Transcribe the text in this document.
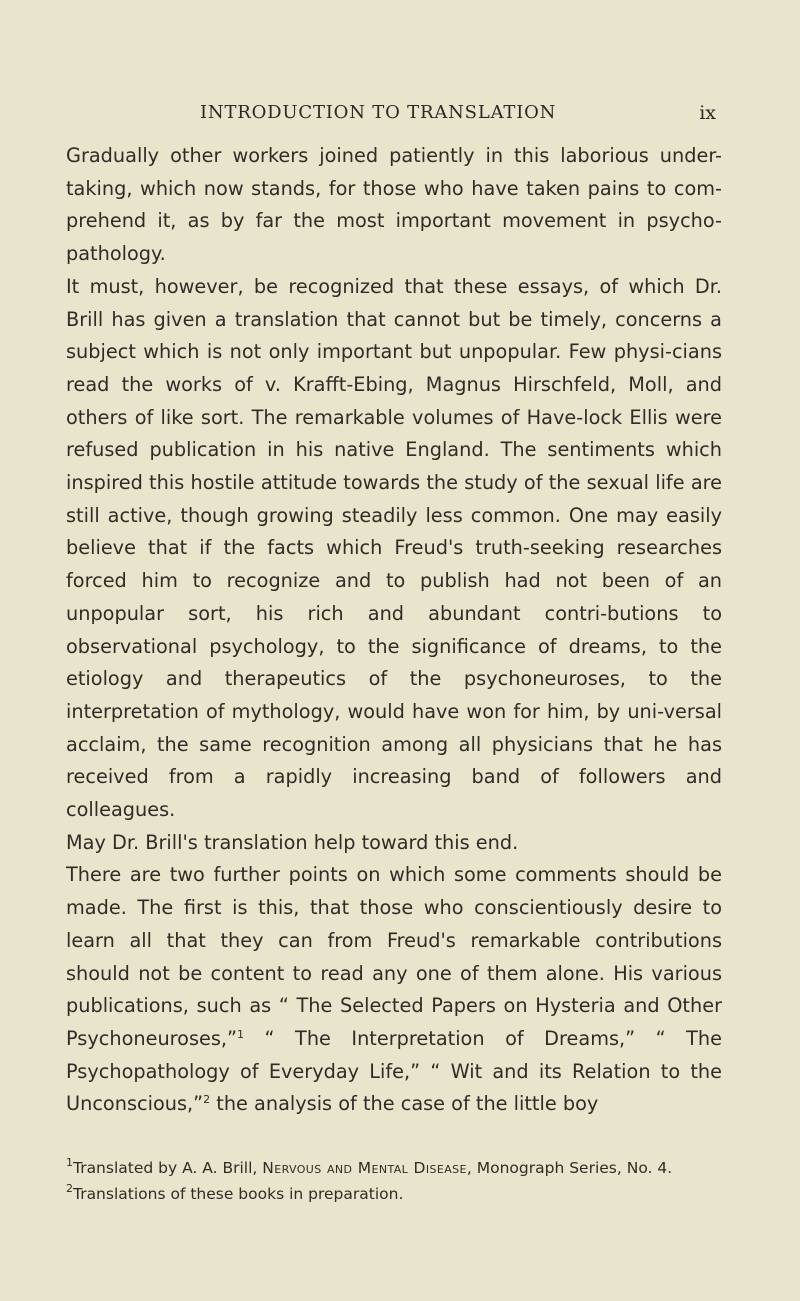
INTRODUCTION TO TRANSLATION	ix

Gradually other workers joined patiently in this laborious under-taking, which now stands, for those who have taken pains to com-prehend it, as by far the most important movement in psycho-pathology.

It must, however, be recognized that these essays, of which Dr. Brill has given a translation that cannot but be timely, concerns a subject which is not only important but unpopular. Few physi-cians read the works of v. Krafft-Ebing, Magnus Hirschfeld, Moll, and others of like sort. The remarkable volumes of Have-lock Ellis were refused publication in his native England. The sentiments which inspired this hostile attitude towards the study of the sexual life are still active, though growing steadily less common. One may easily believe that if the facts which Freud's truth-seeking researches forced him to recognize and to publish had not been of an unpopular sort, his rich and abundant contri-butions to observational psychology, to the significance of dreams, to the etiology and therapeutics of the psychoneuroses, to the interpretation of mythology, would have won for him, by uni-versal acclaim, the same recognition among all physicians that he has received from a rapidly increasing band of followers and colleagues.

May Dr. Brill's translation help toward this end.

There are two further points on which some comments should be made. The first is this, that those who conscientiously desire to learn all that they can from Freud's remarkable contributions should not be content to read any one of them alone. His various publications, such as “ The Selected Papers on Hysteria and Other Psychoneuroses,”$^1$ “ The Interpretation of Dreams,” “ The Psychopathology of Everyday Life,” “ Wit and its Relation to the Unconscious,”$^2$ the analysis of the case of the little boy

$^1$Translated by A. A. Brill, Nervous and Mental Disease, Monograph Series, No. 4.

$^2$Translations of these books in preparation.
